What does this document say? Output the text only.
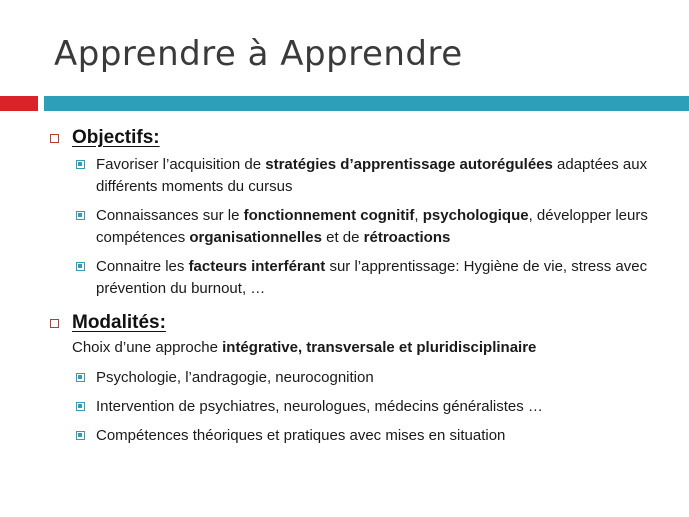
Apprendre à Apprendre
Objectifs:
Favoriser l’acquisition de stratégies d’apprentissage autorégulées adaptées aux différents moments du cursus
Connaissances sur le fonctionnement cognitif, psychologique, développer leurs compétences organisationnelles et de rétroactions
Connaitre les facteurs interférant sur l’apprentissage: Hygiène de vie, stress avec prévention du burnout, …
Modalités:
Choix d’une approche intégrative, transversale et pluridisciplinaire
Psychologie, l’andragogie, neurocognition
Intervention de psychiatres, neurologues, médecins généralistes …
Compétences théoriques et pratiques avec mises en situation
